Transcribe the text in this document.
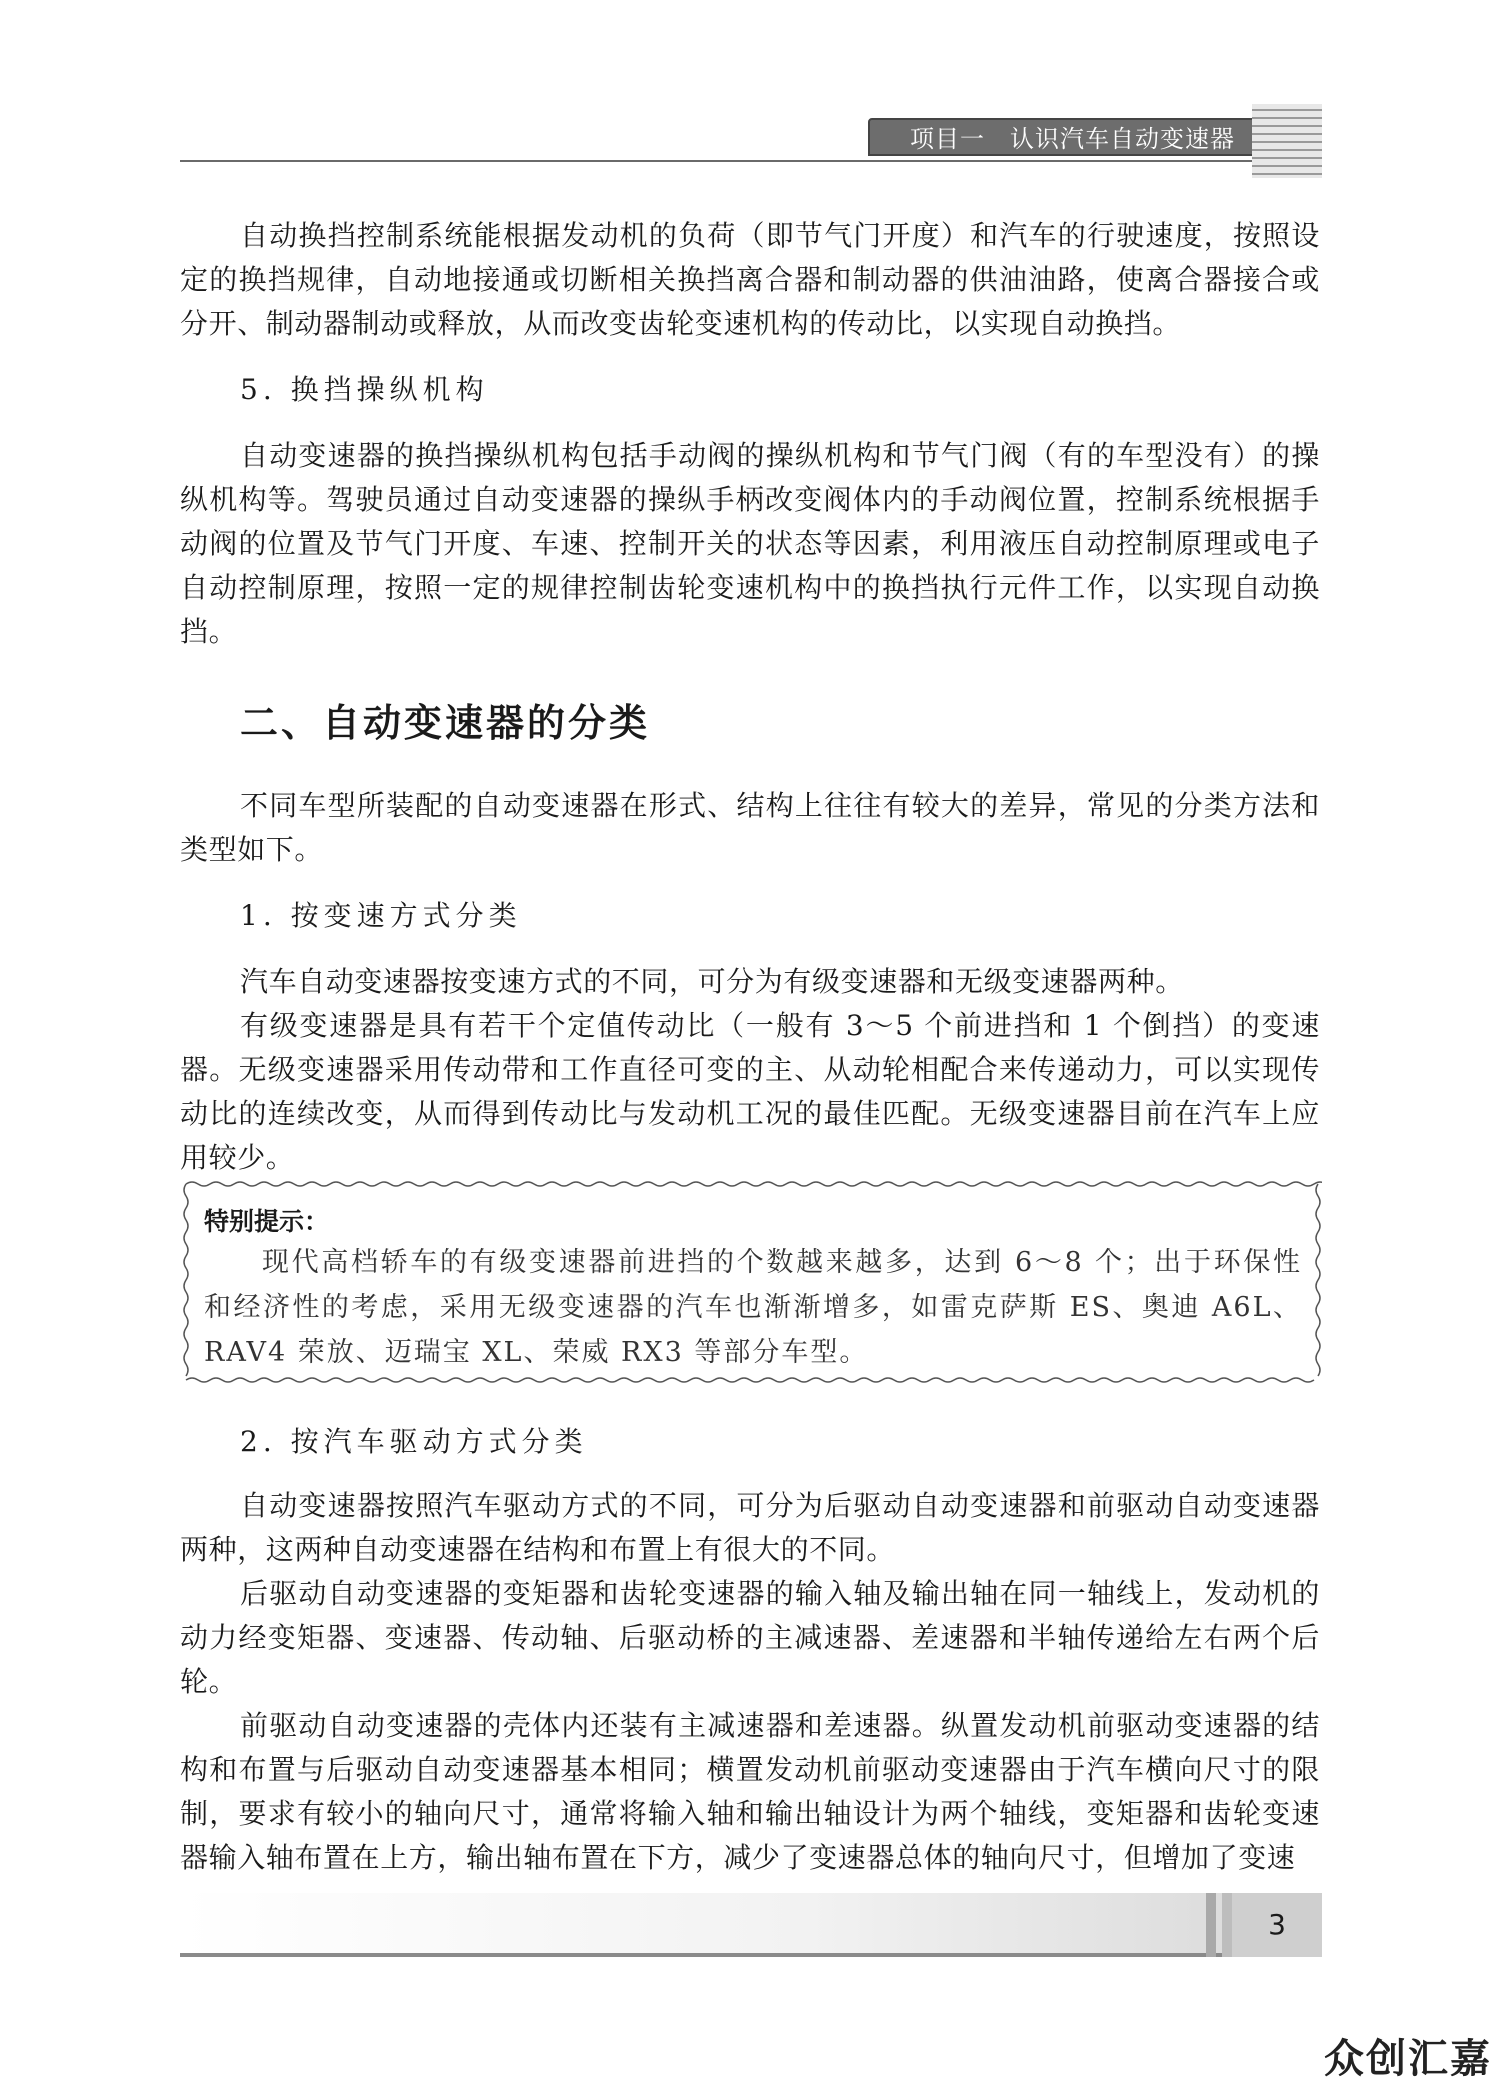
项目一　认识汽车自动变速器
自动换挡控制系统能根据发动机的负荷（即节气门开度）和汽车的行驶速度，按照设定的换挡规律，自动地接通或切断相关换挡离合器和制动器的供油油路，使离合器接合或分开、制动器制动或释放，从而改变齿轮变速机构的传动比，以实现自动换挡。
5. 换挡操纵机构
自动变速器的换挡操纵机构包括手动阀的操纵机构和节气门阀（有的车型没有）的操纵机构等。驾驶员通过自动变速器的操纵手柄改变阀体内的手动阀位置，控制系统根据手动阀的位置及节气门开度、车速、控制开关的状态等因素，利用液压自动控制原理或电子自动控制原理，按照一定的规律控制齿轮变速机构中的换挡执行元件工作，以实现自动换挡。
二、自动变速器的分类
不同车型所装配的自动变速器在形式、结构上往往有较大的差异，常见的分类方法和类型如下。
1. 按变速方式分类
汽车自动变速器按变速方式的不同，可分为有级变速器和无级变速器两种。
有级变速器是具有若干个定值传动比（一般有 3～5 个前进挡和 1 个倒挡）的变速器。无级变速器采用传动带和工作直径可变的主、从动轮相配合来传递动力，可以实现传动比的连续改变，从而得到传动比与发动机工况的最佳匹配。无级变速器目前在汽车上应用较少。
特别提示：
现代高档轿车的有级变速器前进挡的个数越来越多，达到 6～8 个；出于环保性和经济性的考虑，采用无级变速器的汽车也渐渐增多，如雷克萨斯 ES、奥迪 A6L、RAV4 荣放、迈瑞宝 XL、荣威 RX3 等部分车型。
2. 按汽车驱动方式分类
自动变速器按照汽车驱动方式的不同，可分为后驱动自动变速器和前驱动自动变速器两种，这两种自动变速器在结构和布置上有很大的不同。
后驱动自动变速器的变矩器和齿轮变速器的输入轴及输出轴在同一轴线上，发动机的动力经变矩器、变速器、传动轴、后驱动桥的主减速器、差速器和半轴传递给左右两个后轮。
前驱动自动变速器的壳体内还装有主减速器和差速器。纵置发动机前驱动变速器的结构和布置与后驱动自动变速器基本相同；横置发动机前驱动变速器由于汽车横向尺寸的限制，要求有较小的轴向尺寸，通常将输入轴和输出轴设计为两个轴线，变矩器和齿轮变速器输入轴布置在上方，输出轴布置在下方，减少了变速器总体的轴向尺寸，但增加了变速
3
众创汇嘉
